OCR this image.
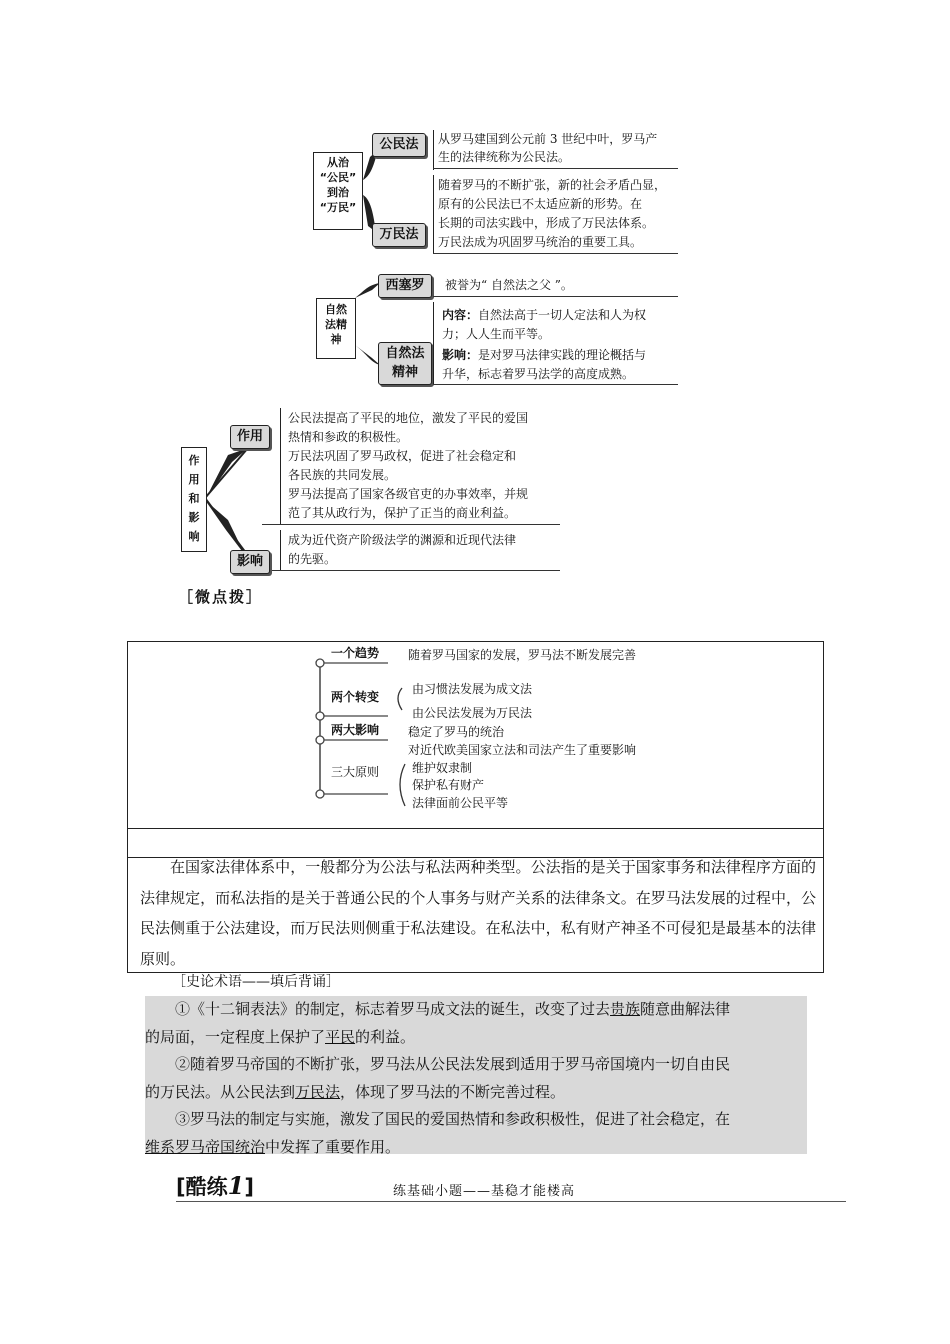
从治
“公民”
到治
“万民”
公民法
万民法
从罗马建国到公元前 3 世纪中叶，罗马产
生的法律统称为公民法。
随着罗马的不断扩张，新的社会矛盾凸显，
原有的公民法已不太适应新的形势。在
长期的司法实践中，形成了万民法体系。
万民法成为巩固罗马统治的重要工具。
自然
法精
神
西塞罗
自然法
精神
被誉为“ 自然法之父 ”。
内容：自然法高于一切人定法和人为权
力；人人生而平等。
影响：是对罗马法律实践的理论概括与
升华，标志着罗马法学的高度成熟。
作
用
和
影
响
作用
影响
公民法提高了平民的地位，激发了平民的爱国
热情和参政的积极性。
万民法巩固了罗马政权，促进了社会稳定和
各民族的共同发展。
罗马法提高了国家各级官吏的办事效率，并规
范了其从政行为，保护了正当的商业利益。
成为近代资产阶级法学的渊源和近现代法律
的先驱。
［微点拨］
一个趋势 随着罗马国家的发展，罗马法不断发展完善
两个转变
由习惯法发展为成文法
由公民法发展为万民法
两大影响 稳定了罗马的统治
对近代欧美国家立法和司法产生了重要影响
三大原则	维护奴隶制
保护私有财产
法律面前公民平等
在国家法律体系中，一般都分为公法与私法两种类型。公法指的是关于国家事务和法律程序方面的法律规定，而私法指的是关于普通公民的个人事务与财产关系的法律条文。在罗马法发展的过程中，公民法侧重于公法建设，而万民法则侧重于私法建设。在私法中，私有财产神圣不可侵犯是最基本的法律原则。
［史论术语——填后背诵］
①《十二铜表法》的制定，标志着罗马成文法的诞生，改变了过去贵族随意曲解法律
的局面，一定程度上保护了平民的利益。
②随着罗马帝国的不断扩张，罗马法从公民法发展到适用于罗马帝国境内一切自由民
的万民法。从公民法到万民法，体现了罗马法的不断完善过程。
③罗马法的制定与实施，激发了国民的爱国热情和参政积极性，促进了社会稳定，在
维系罗马帝国统治中发挥了重要作用。
[酷练1]	练基础小题——基稳才能楼高
